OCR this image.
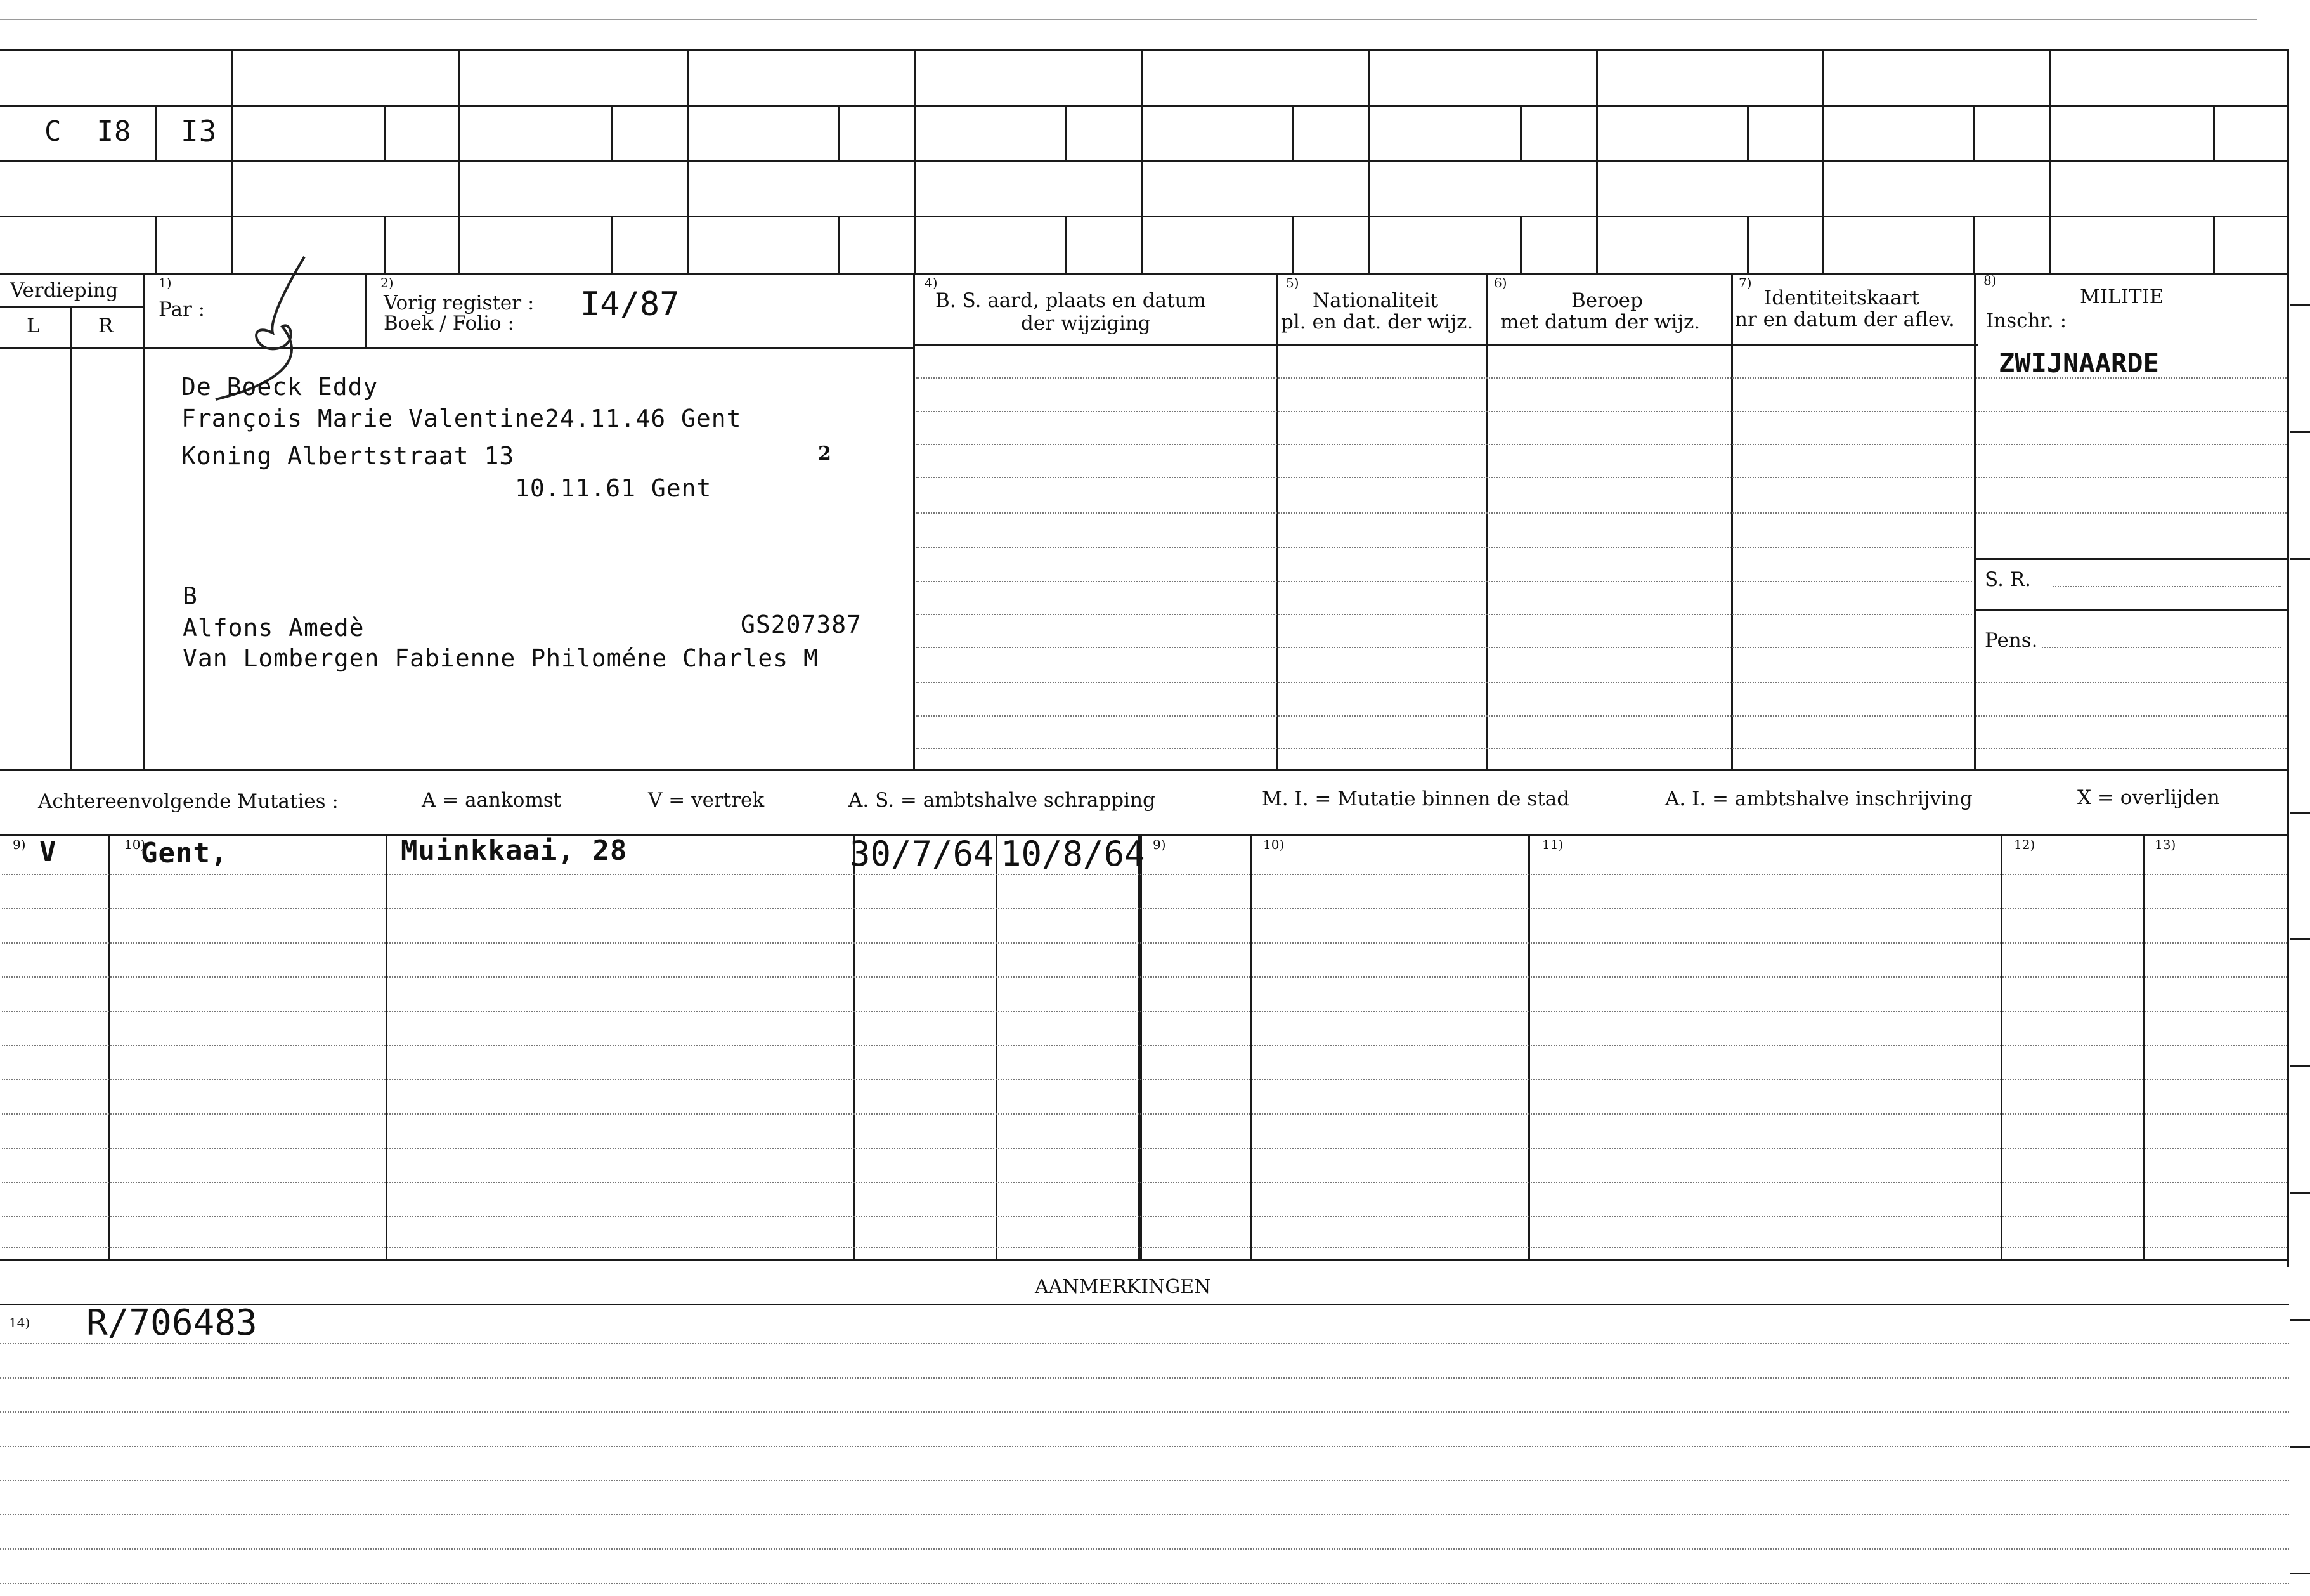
C  I8 I3
Verdieping
L	R
1)
Par :
2)
Vorig register :
Boek / Folio : I4/87
4)
B. S. aard, plaats en datum
der wijziging
5)
Nationaliteit
pl. en dat. der wijz.
6)
Beroep
met datum der wijz.
7)
Identiteitskaart
nr en datum der aflev.
8)
MILITIE
Inschr. :
ZWIJNAARDE
S. R.
Pens.
De Boeck Eddy
François Marie Valentine24.11.46 Gent
Koning Albertstraat 13	2
10.11.61 Gent
B
Alfons Amedè	GS207387
Van Lombergen Fabienne Philoméne Charles M
Achtereenvolgende Mutaties :	A = aankomst	V = vertrek	A. S. = ambtshalve schrapping	M. I. = Mutatie binnen de stad	A. I. = ambtshalve inschrijving	X = overlijden
9)	10)	9)	10)	11)	12)	13)
V	Gent,	Muinkkaai, 28	30/7/64 10/8/64
AANMERKINGEN
14) R/706483
